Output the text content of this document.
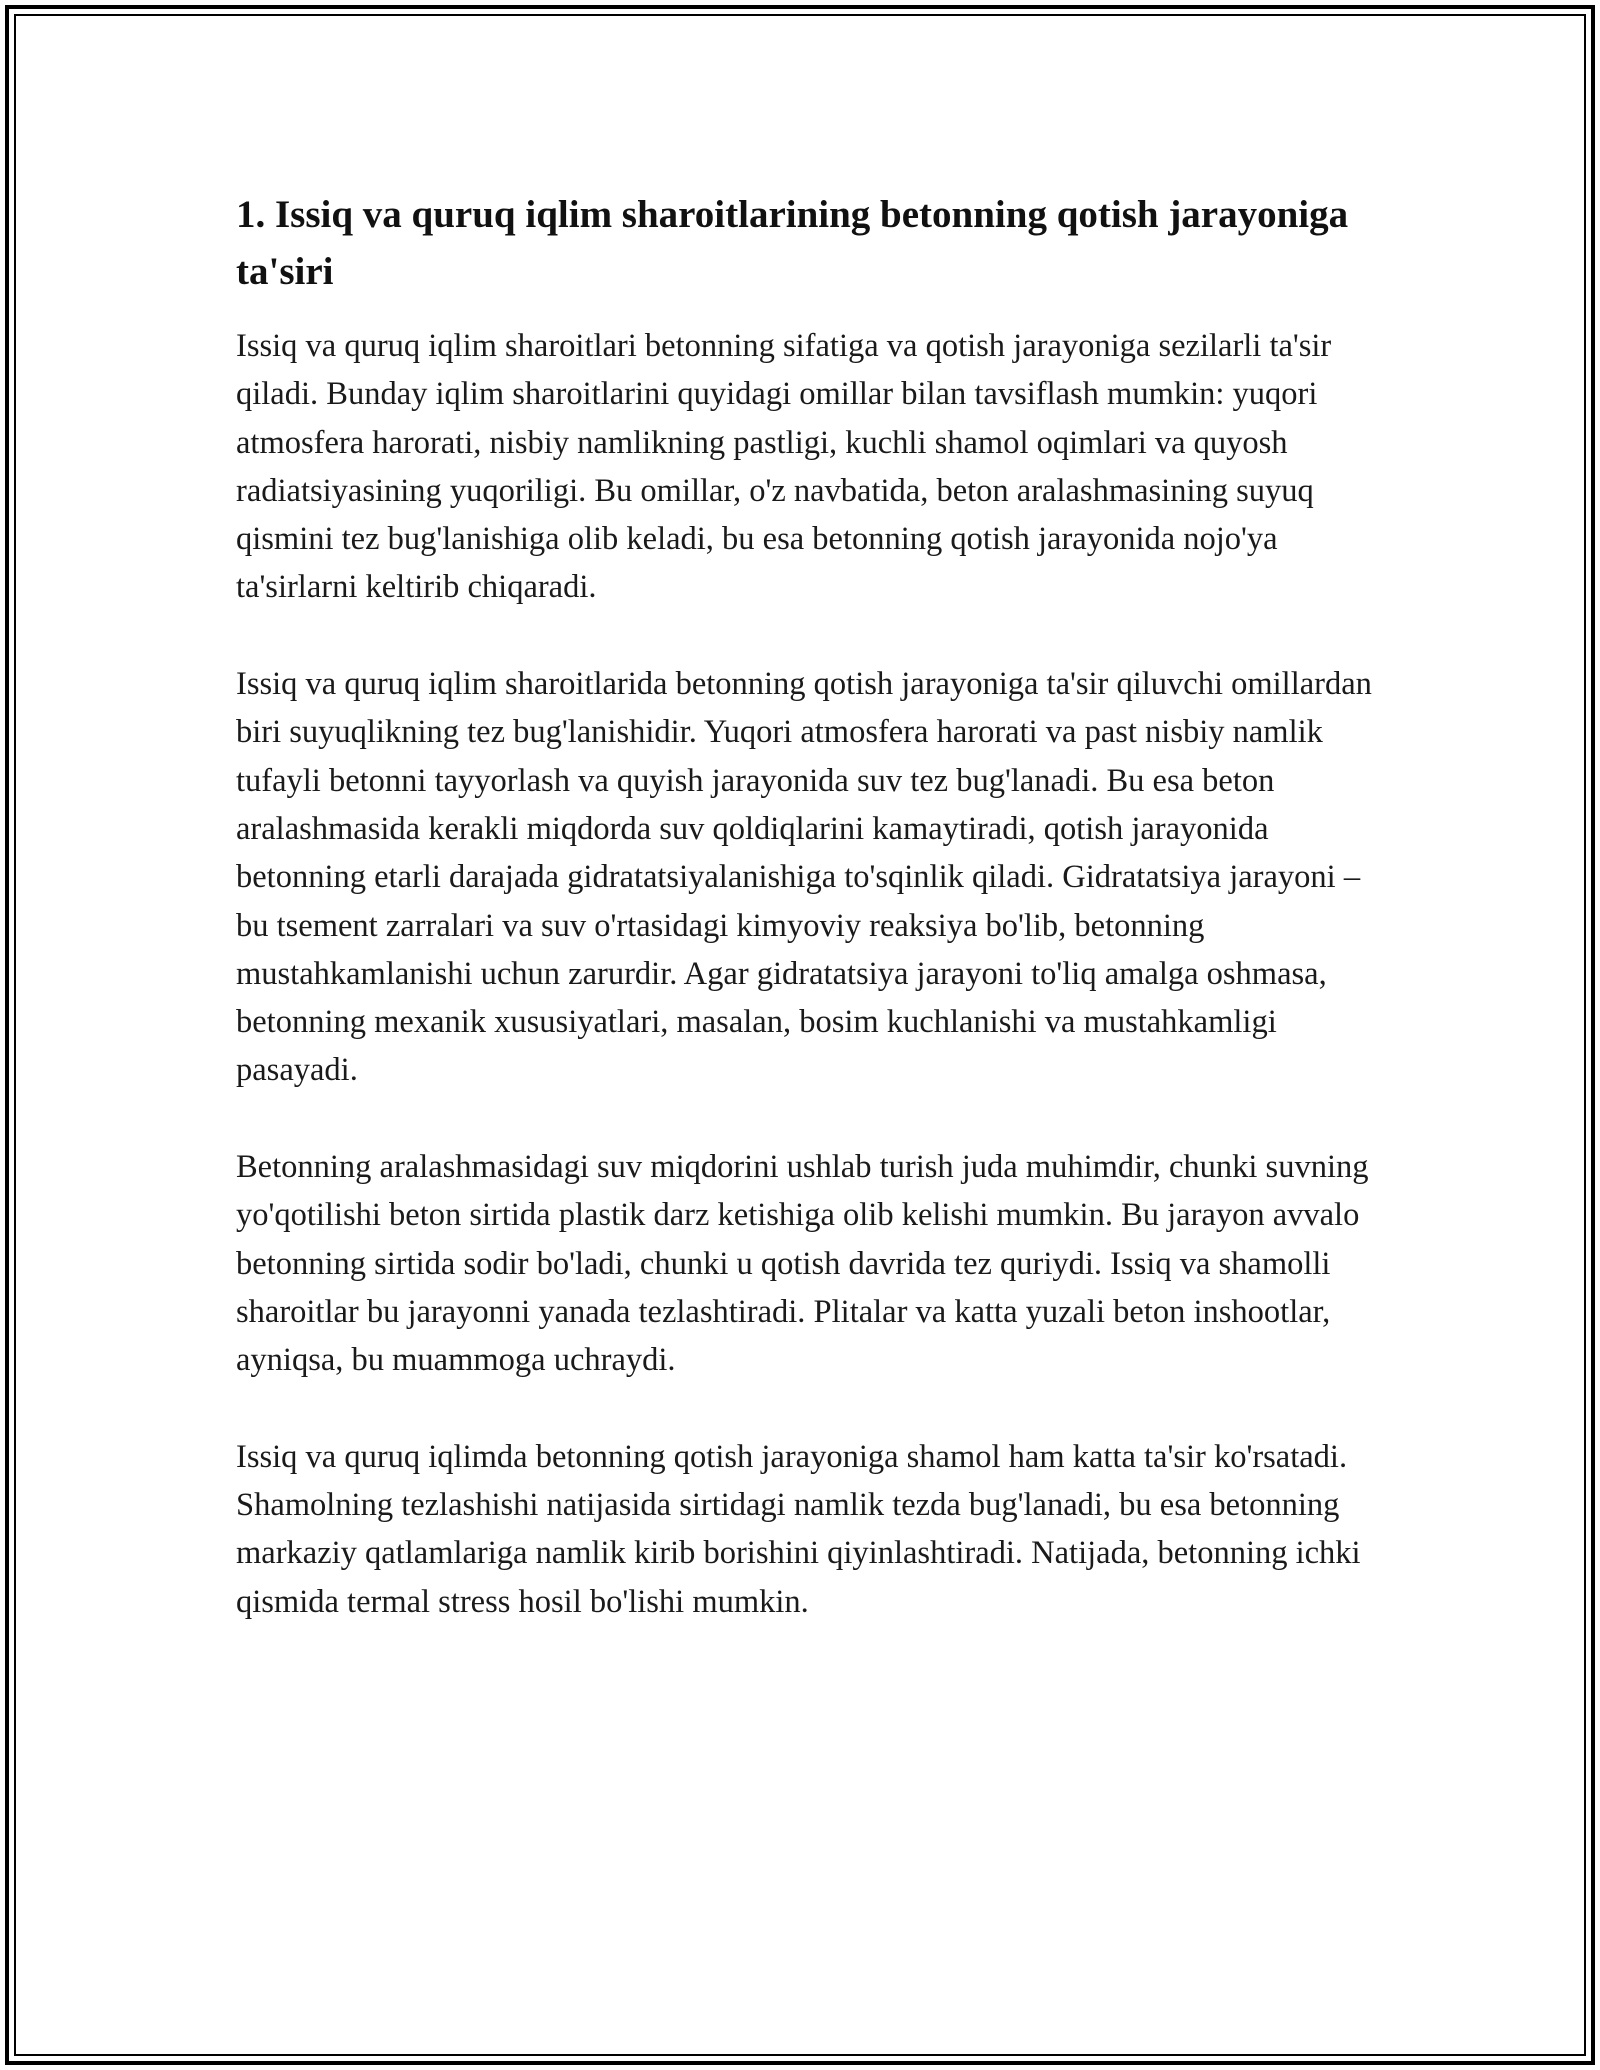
1. Issiq va quruq iqlim sharoitlarining betonning qotish jarayoniga ta'siri

Issiq va quruq iqlim sharoitlari betonning sifatiga va qotish jarayoniga sezilarli ta'sir qiladi. Bunday iqlim sharoitlarini quyidagi omillar bilan tavsiflash mumkin: yuqori atmosfera harorati, nisbiy namlikning pastligi, kuchli shamol oqimlari va quyosh radiatsiyasining yuqoriligi. Bu omillar, o'z navbatida, beton aralashmasining suyuq qismini tez bug'lanishiga olib keladi, bu esa betonning qotish jarayonida nojo'ya ta'sirlarni keltirib chiqaradi.

Issiq va quruq iqlim sharoitlarida betonning qotish jarayoniga ta'sir qiluvchi omillardan biri suyuqlikning tez bug'lanishidir. Yuqori atmosfera harorati va past nisbiy namlik tufayli betonni tayyorlash va quyish jarayonida suv tez bug'lanadi. Bu esa beton aralashmasida kerakli miqdorda suv qoldiqlarini kamaytiradi, qotish jarayonida betonning etarli darajada gidratatsiyalanishiga to'sqinlik qiladi. Gidratatsiya jarayoni – bu tsement zarralari va suv o'rtasidagi kimyoviy reaksiya bo'lib, betonning mustahkamlanishi uchun zarurdir. Agar gidratatsiya jarayoni to'liq amalga oshmasa, betonning mexanik xususiyatlari, masalan, bosim kuchlanishi va mustahkamligi pasayadi.

Betonning aralashmasidagi suv miqdorini ushlab turish juda muhimdir, chunki suvning yo'qotilishi beton sirtida plastik darz ketishiga olib kelishi mumkin. Bu jarayon avvalo betonning sirtida sodir bo'ladi, chunki u qotish davrida tez quriydi. Issiq va shamolli sharoitlar bu jarayonni yanada tezlashtiradi. Plitalar va katta yuzali beton inshootlar, ayniqsa, bu muammoga uchraydi.

Issiq va quruq iqlimda betonning qotish jarayoniga shamol ham katta ta'sir ko'rsatadi. Shamolning tezlashishi natijasida sirtidagi namlik tezda bug'lanadi, bu esa betonning markaziy qatlamlariga namlik kirib borishini qiyinlashtiradi. Natijada, betonning ichki qismida termal stress hosil bo'lishi mumkin.
